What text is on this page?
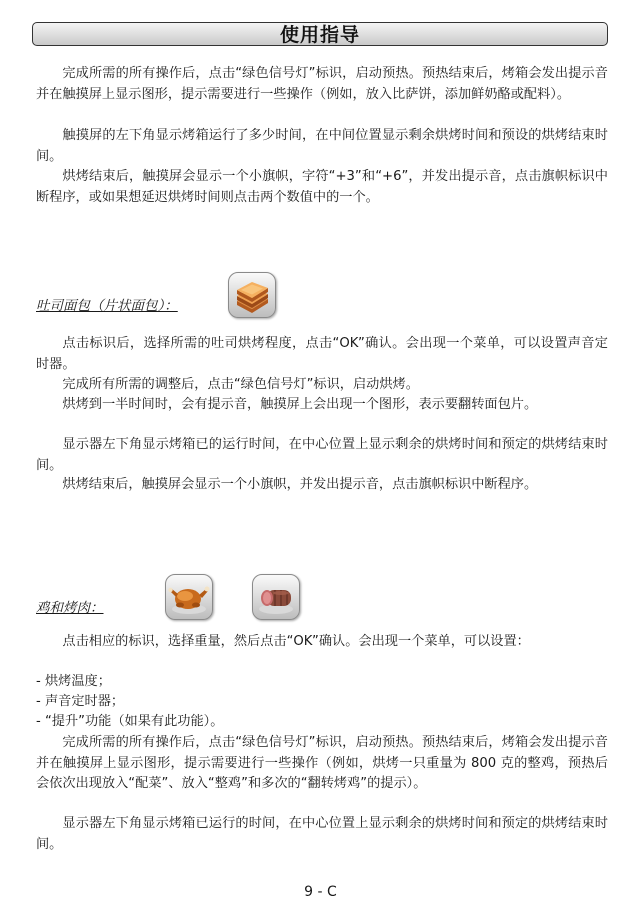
使用指导

完成所需的所有操作后，点击“绿色信号灯”标识，启动预热。预热结束后，烤箱会发出提示音并在触摸屏上显示图形，提示需要进行一些操作（例如，放入比萨饼，添加鲜奶酪或配料）。

触摸屏的左下角显示烤箱运行了多少时间，在中间位置显示剩余烘烤时间和预设的烘烤结束时间。

烘烤结束后，触摸屏会显示一个小旗帜，字符“+3”和“+6”，并发出提示音，点击旗帜标识中断程序，或如果想延迟烘烤时间则点击两个数值中的一个。

吐司面包（片状面包）：

点击标识后，选择所需的吐司烘烤程度，点击“OK”确认。会出现一个菜单，可以设置声音定时器。

完成所有所需的调整后，点击“绿色信号灯”标识，启动烘烤。

烘烤到一半时间时，会有提示音，触摸屏上会出现一个图形，表示要翻转面包片。

显示器左下角显示烤箱已的运行时间，在中心位置上显示剩余的烘烤时间和预定的烘烤结束时间。

烘烤结束后，触摸屏会显示一个小旗帜，并发出提示音，点击旗帜标识中断程序。

鸡和烤肉：

点击相应的标识，选择重量，然后点击“OK”确认。会出现一个菜单，可以设置：

- 烘烤温度；

- 声音定时器；

- “提升”功能（如果有此功能）。

完成所需的所有操作后，点击“绿色信号灯”标识，启动预热。预热结束后，烤箱会发出提示音并在触摸屏上显示图形，提示需要进行一些操作（例如，烘烤一只重量为 800 克的整鸡，预热后会依次出现放入“配菜”、放入“整鸡”和多次的“翻转烤鸡”的提示）。

显示器左下角显示烤箱已运行的时间，在中心位置上显示剩余的烘烤时间和预定的烘烤结束时间。

9 - C
